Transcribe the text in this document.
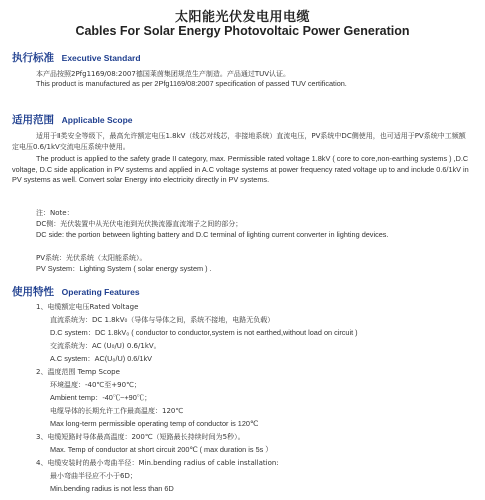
太阳能光伏发电用电缆
Cables For Solar Energy Photovoltaic Power Generation
执行标准 Executive Standard
本产品按照2Pfg1169/08:2007德国莱茵集团规范生产制造。产品通过TUV认证。
This product is manufactured as per 2Pfg1169/08:2007 specification of passed TUV certification.
适用范围 Applicable Scope
适用于Ⅱ类安全等级下，最高允许额定电压1.8kV（线芯对线芯，非接地系统）直流电压，PV系统中DC侧使用，也可适用于PV系统中工频额定电压0.6/1kV交流电压系统中使用。
The product is applied to the safety grade II category, max. Permissible rated voltage 1.8kV ( core to core,non-earthing systems ) ,D.C voltage, D.C side application in PV systems and applied in A.C voltage systems at power frequency rated voltage up to and include 0.6/1kV in PV systems as well. Convert solar Energy into electricity directly in PV systems.
注：Note：
DC侧：光伏装置中从光伏电池到光伏换流器直流端子之间的部分；
DC side: the portion between lighting battery and D.C terminal of lighting current converter in lighting devices.
PV系统：光伏系统（太阳能系统）。
PV System：Lighting System ( solar energy system ) .
使用特性 Operating Features
1、电缆额定电压Rated Voltage
直流系统为：DC 1.8kV₀（导体与导体之间，系统不接地，电路无负载）
D.C system：DC 1.8kV₀ ( conductor to conductor,system is not earthed,without load on circuit )
交流系统为：AC (U₀/U) 0.6/1kV。
A.C system：AC(U₀/U) 0.6/1kV
2、温度范围 Temp Scope
环境温度：-40℃至+90℃；
Ambient temp：-40℃~+90℃；
电缆导体的长期允许工作最高温度：120℃
Max long-term permissible operating temp of conductor is 120℃
3、电缆短路时导体最高温度：200℃（短路最长持续时间为5秒）。
Max. Temp of conductor at short circuit 200℃ ( max duration is 5s ）
4、电缆安装时的最小弯曲半径：Min.bending radius of cable installation:
最小弯曲半径应不小于6D；
Min.bending radius is not less than 6D
